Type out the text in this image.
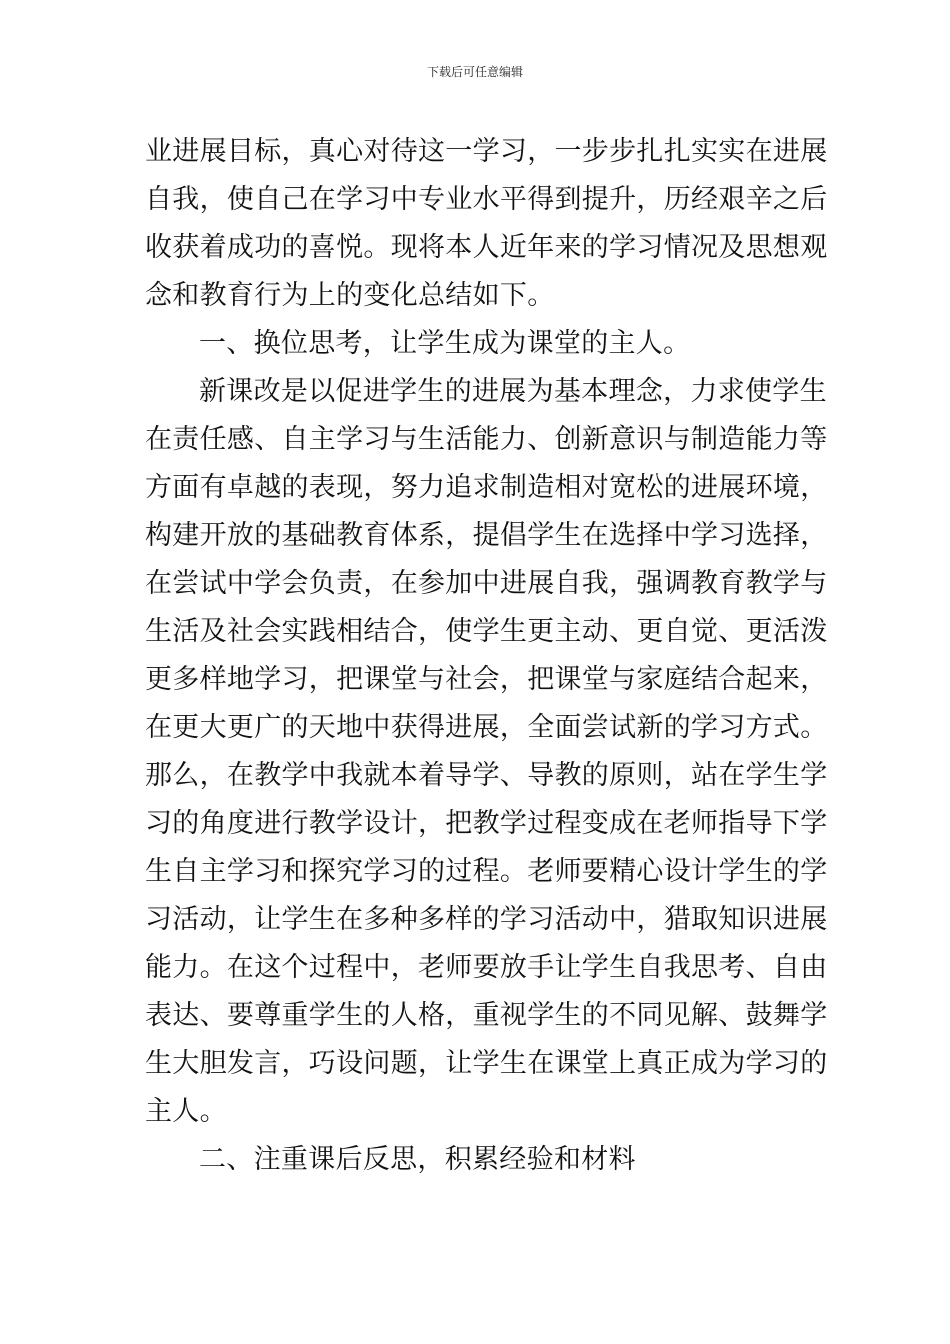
下载后可任意编辑
业进展目标，真心对待这一学习，一步步扎扎实实在进展
自我，使自己在学习中专业水平得到提升，历经艰辛之后
收获着成功的喜悦。现将本人近年来的学习情况及思想观
念和教育行为上的变化总结如下。
一、换位思考，让学生成为课堂的主人。
新课改是以促进学生的进展为基本理念，力求使学生
在责任感、自主学习与生活能力、创新意识与制造能力等
方面有卓越的表现，努力追求制造相对宽松的进展环境，
构建开放的基础教育体系，提倡学生在选择中学习选择，
在尝试中学会负责，在参加中进展自我，强调教育教学与
生活及社会实践相结合，使学生更主动、更自觉、更活泼
更多样地学习，把课堂与社会，把课堂与家庭结合起来，
在更大更广的天地中获得进展，全面尝试新的学习方式。
那么，在教学中我就本着导学、导教的原则，站在学生学
习的角度进行教学设计，把教学过程变成在老师指导下学
生自主学习和探究学习的过程。老师要精心设计学生的学
习活动，让学生在多种多样的学习活动中，猎取知识进展
能力。在这个过程中，老师要放手让学生自我思考、自由
表达、要尊重学生的人格，重视学生的不同见解、鼓舞学
生大胆发言，巧设问题，让学生在课堂上真正成为学习的
主人。
二、注重课后反思，积累经验和材料
